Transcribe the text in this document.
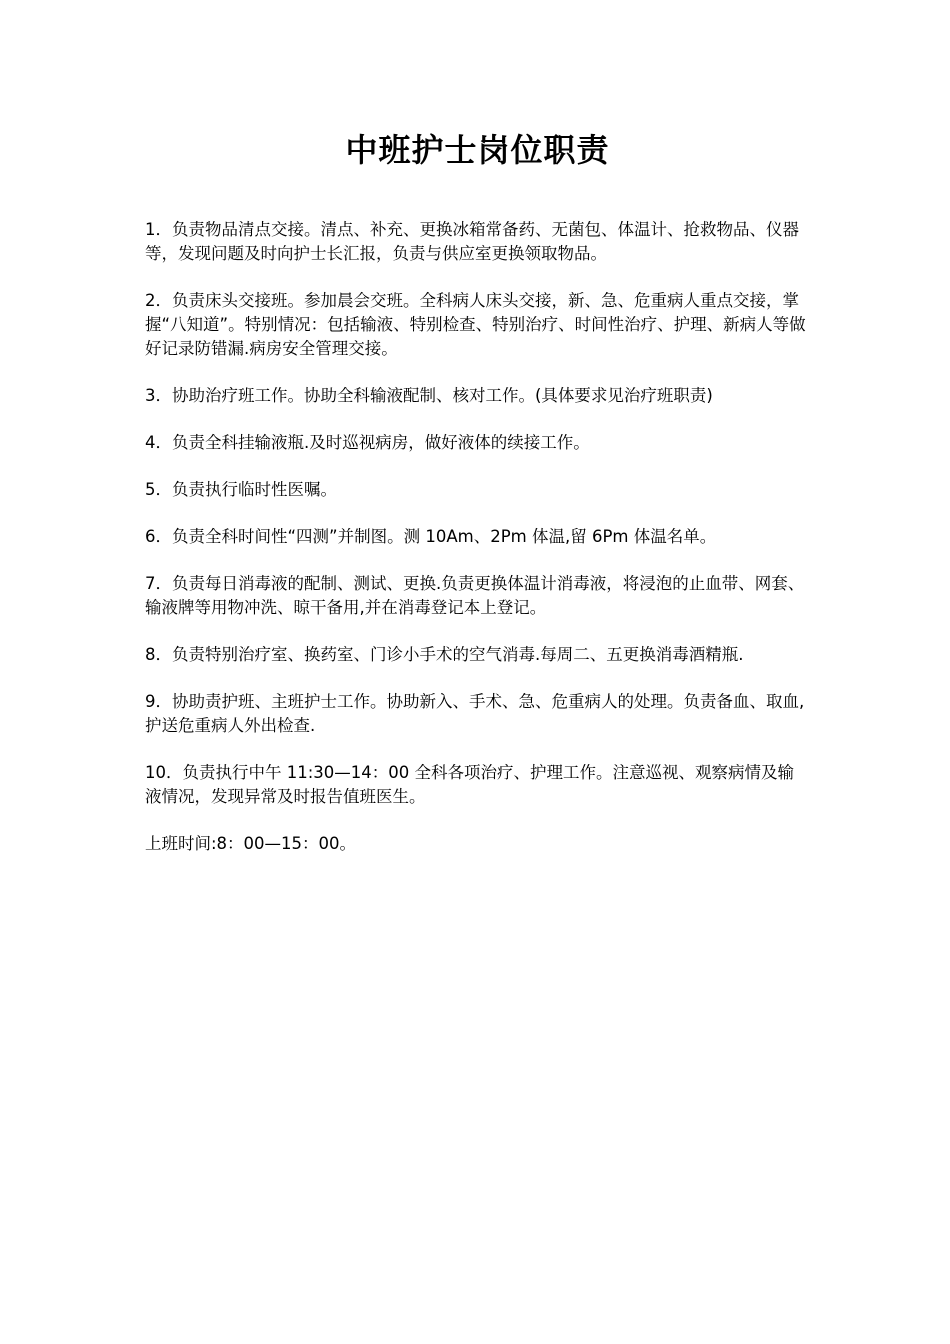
中班护士岗位职责

1．负责物品清点交接。清点、补充、更换冰箱常备药、无菌包、体温计、抢救物品、仪器等，发现问题及时向护士长汇报，负责与供应室更换领取物品。

2．负责床头交接班。参加晨会交班。全科病人床头交接，新、急、危重病人重点交接，掌握“八知道”。特别情况：包括输液、特别检查、特别治疗、时间性治疗、护理、新病人等做好记录防错漏.病房安全管理交接。

3．协助治疗班工作。协助全科输液配制、核对工作。(具体要求见治疗班职责)

4．负责全科挂输液瓶.及时巡视病房，做好液体的续接工作。

5．负责执行临时性医嘱。

6．负责全科时间性“四测”并制图。测 10Am、2Pm 体温,留 6Pm 体温名单。

7．负责每日消毒液的配制、测试、更换.负责更换体温计消毒液，将浸泡的止血带、网套、输液牌等用物冲洗、晾干备用,并在消毒登记本上登记。

8．负责特别治疗室、换药室、门诊小手术的空气消毒.每周二、五更换消毒酒精瓶.

9．协助责护班、主班护士工作。协助新入、手术、急、危重病人的处理。负责备血、取血,护送危重病人外出检查.

10．负责执行中午 11:30—14：00 全科各项治疗、护理工作。注意巡视、观察病情及输液情况，发现异常及时报告值班医生。

上班时间:8：00—15：00。
